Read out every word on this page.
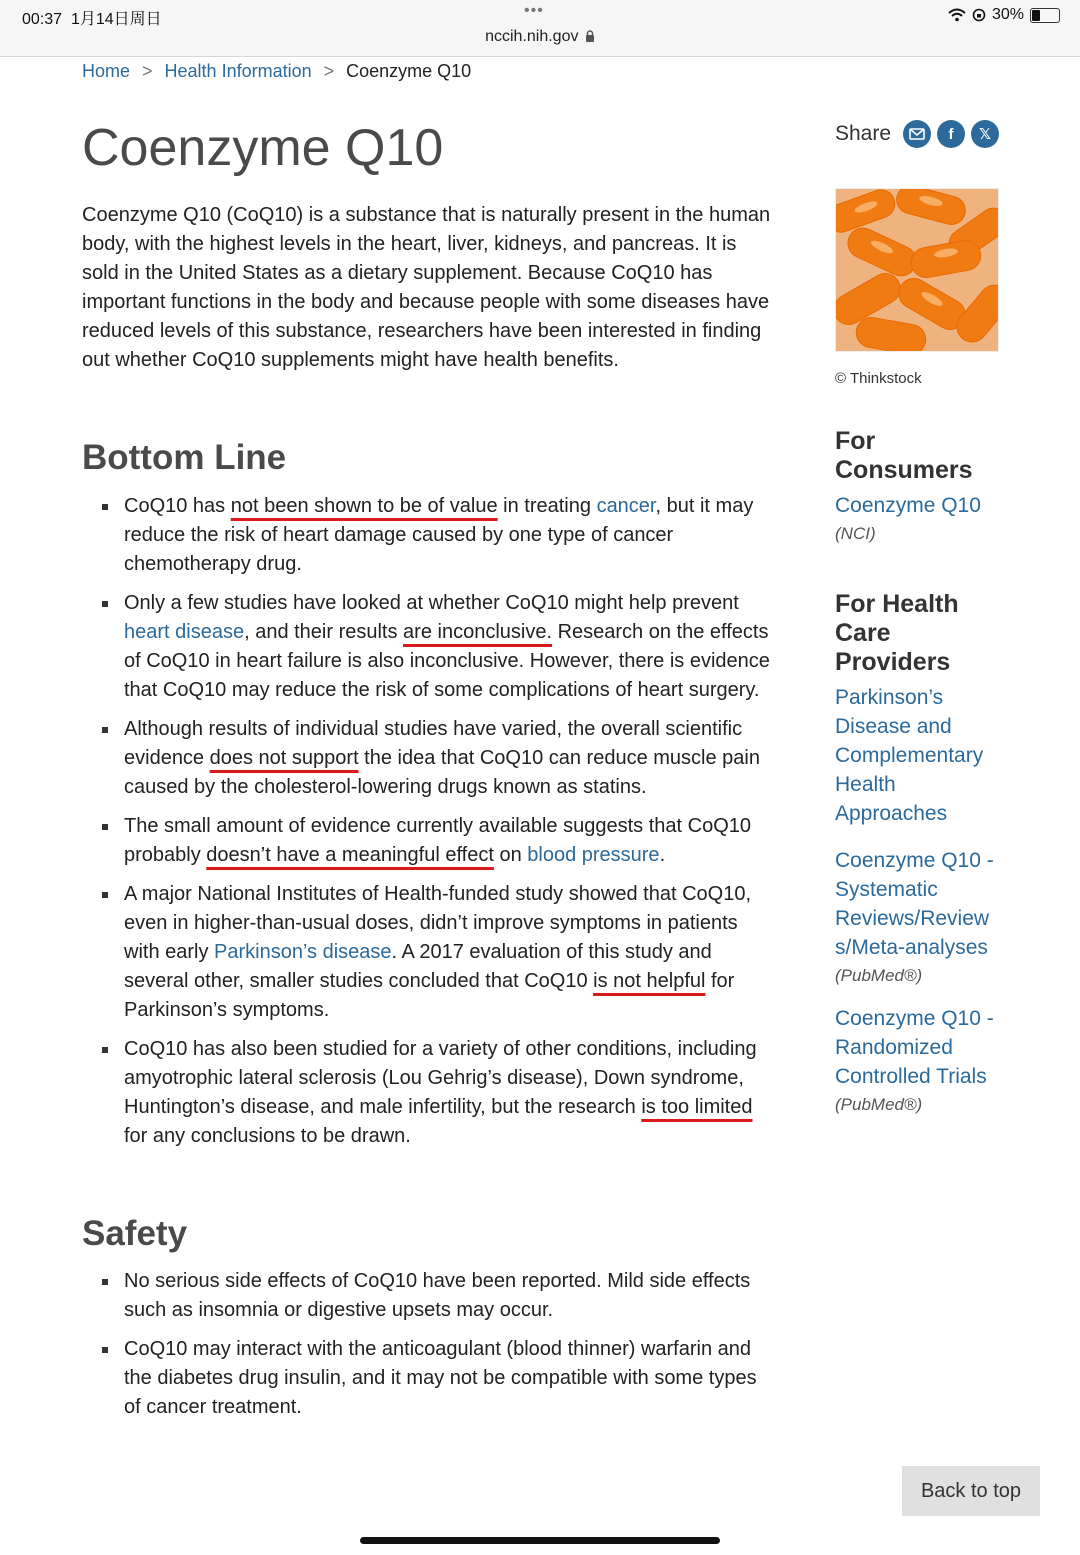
00:37 1月14日周日
•••
nccih.nih.gov
30%
Home > Health Information > Coenzyme Q10
Coenzyme Q10

Coenzyme Q10 (CoQ10) is a substance that is naturally present in the human body, with the highest levels in the heart, liver, kidneys, and pancreas. It is sold in the United States as a dietary supplement. Because CoQ10 has important functions in the body and because people with some diseases have reduced levels of this substance, researchers have been interested in finding out whether CoQ10 supplements might have health benefits.

Bottom Line
CoQ10 has not been shown to be of value in treating cancer, but it may reduce the risk of heart damage caused by one type of cancer chemotherapy drug.
Only a few studies have looked at whether CoQ10 might help prevent heart disease, and their results are inconclusive. Research on the effects of CoQ10 in heart failure is also inconclusive. However, there is evidence that CoQ10 may reduce the risk of some complications of heart surgery.
Although results of individual studies have varied, the overall scientific evidence does not support the idea that CoQ10 can reduce muscle pain caused by the cholesterol-lowering drugs known as statins.
The small amount of evidence currently available suggests that CoQ10 probably doesn’t have a meaningful effect on blood pressure.
A major National Institutes of Health-funded study showed that CoQ10, even in higher-than-usual doses, didn’t improve symptoms in patients with early Parkinson’s disease. A 2017 evaluation of this study and several other, smaller studies concluded that CoQ10 is not helpful for Parkinson’s symptoms.
CoQ10 has also been studied for a variety of other conditions, including amyotrophic lateral sclerosis (Lou Gehrig’s disease), Down syndrome, Huntington’s disease, and male infertility, but the research is too limited for any conclusions to be drawn.
Safety
No serious side effects of CoQ10 have been reported. Mild side effects such as insomnia or digestive upsets may occur.
CoQ10 may interact with the anticoagulant (blood thinner) warfarin and the diabetes drug insulin, and it may not be compatible with some types of cancer treatment.
Share	f	𝕏
© Thinkstock
For Consumers
Coenzyme Q10
(NCI)
For Health Care Providers
Parkinson’s Disease and Complementary Health Approaches
Coenzyme Q10 - Systematic Reviews/Review s/Meta-analyses
(PubMed®)
Coenzyme Q10 - Randomized Controlled Trials
(PubMed®)
Back to top
